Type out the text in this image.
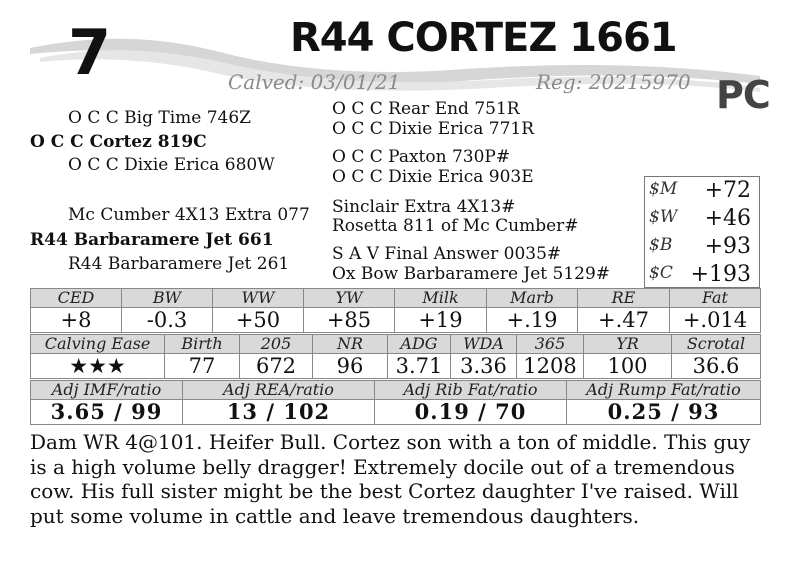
7	R44 CORTEZ 1661
Calved: 03/01/21	Reg: 20215970 PC
O C C Big Time 746Z
O C C Cortez 819C
O C C Dixie Erica 680W
O C C Rear End 751R
O C C Dixie Erica 771R
O C C Paxton 730P#
O C C Dixie Erica 903E
Mc Cumber 4X13 Extra 077
R44 Barbaramere Jet 661
R44 Barbaramere Jet 261
Sinclair Extra 4X13#
Rosetta 811 of Mc Cumber#
S A V Final Answer 0035#
Ox Bow Barbaramere Jet 5129#
$M +72
$W +46
$B +93
$C +193
CED	BW	WW	YW	Milk	Marb	RE	Fat
+8	-0.3	+50	+85	+19	+.19	+.47	+.014
Calving Ease	Birth	205	NR	ADG	WDA	365	YR	Scrotal
★★★	77	672	96	3.71	3.36	1208	100	36.6
Adj IMF/ratio	Adj REA/ratio	Adj Rib Fat/ratio	Adj Rump Fat/ratio
3.65 / 99	13 / 102	0.19 / 70	0.25 / 93
Dam WR 4@101. Heifer Bull. Cortez son with a ton of middle. This guy is a high volume belly dragger! Extremely docile out of a tremendous cow. His full sister might be the best Cortez daughter I've raised. Will put some volume in cattle and leave tremendous daughters.
